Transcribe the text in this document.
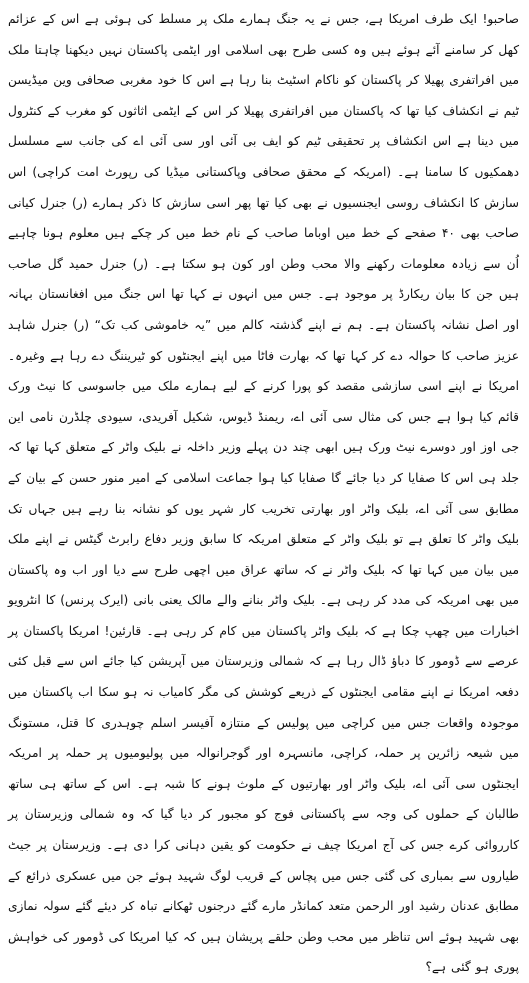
صاحبو! ایک طرف امریکا ہے، جس نے یہ جنگ ہمارے ملک پر مسلط کی ہوئی ہے اس کے عزائم کھل کر سامنے آئے ہوئے ہیں وہ کسی طرح بھی اسلامی اور ایٹمی پاکستان نہیں دیکھنا چاہتا ملک میں افراتفری پھیلا کر پاکستان کو ناکام اسٹیٹ بنا رہا ہے اس کا خود مغربی صحافی وین میڈیسن ٹیم نے انکشاف کیا تھا کہ پاکستان میں افراتفری پھیلا کر اس کے ایٹمی اثاثوں کو مغرب کے کنٹرول میں دینا ہے اس انکشاف پر تحقیقی ٹیم کو ایف بی آئی اور سی آئی اے کی جانب سے مسلسل دھمکیوں کا سامنا ہے۔ (امریکہ کے محقق صحافی وپاکستانی میڈیا کی رپورٹ امت کراچی) اس سازش کا انکشاف روسی ایجنسیوں نے بھی کیا تھا پھر اسی سازش کا ذکر ہمارے (ر) جنرل کیانی صاحب بھی ۴۰ صفحے کے خط میں اوباما صاحب کے نام خط میں کر چکے ہیں معلوم ہونا چاہیے اُن سے زیادہ معلومات رکھنے والا محب وطن اور کون ہو سکتا ہے۔ (ر) جنرل حمید گل صاحب ہیں جن کا بیان ریکارڈ پر موجود ہے۔ جس میں انہوں نے کہا تھا اس جنگ میں افغانستان بہانہ اور اصل نشانہ پاکستان ہے۔ ہم نے اپنے گذشتہ کالم میں ”یہ خاموشی کب تک“ (ر) جنرل شاہد عزیز صاحب کا حوالہ دے کر کہا تھا کہ بھارت فاٹا میں اپنے ایجنٹوں کو ٹیریننگ دے رہا ہے وغیرہ۔ امریکا نے اپنے اسی سازشی مقصد کو پورا کرنے کے لیے ہمارے ملک میں جاسوسی کا نیٹ ورک قائم کیا ہوا ہے جس کی مثال سی آئی اے، ریمنڈ ڈیوس، شکیل آفریدی، سیودی چلڈرن نامی این جی اوز اور دوسرے نیٹ ورک ہیں ابھی چند دن پہلے وزیر داخلہ نے بلیک واٹر کے متعلق کہا تھا کہ جلد ہی اس کا صفایا کر دیا جائے گا صفایا کیا ہوا جماعت اسلامی کے امیر منور حسن کے بیان کے مطابق سی آئی اے، بلیک واٹر اور بھارتی تخریب کار شہر یوں کو نشانہ بنا رہے ہیں جہاں تک بلیک واٹر کا تعلق ہے تو بلیک واٹر کے متعلق امریکہ کا سابق وزیر دفاع رابرٹ گیٹس نے اپنے ملک میں بیان میں کہا تھا کہ بلیک واٹر نے کہ ساتھ عراق میں اچھی طرح سے دیا اور اب وہ پاکستان میں بھی امریکہ کی مدد کر رہی ہے۔ بلیک واٹر بنانے والے مالک یعنی بانی (ایرک پرنس) کا انٹرویو اخبارات میں چھپ چکا ہے کہ بلیک واٹر پاکستان میں کام کر رہی ہے۔ قارئین! امریکا پاکستان پر عرصے سے ڈومور کا دباؤ ڈال رہا ہے کہ شمالی وزیرستان میں آپریشن کیا جائے اس سے قبل کئی دفعہ امریکا نے اپنے مقامی ایجنٹوں کے ذریعے کوشش کی مگر کامیاب نہ ہو سکا اب پاکستان میں موجودہ واقعات جس میں کراچی میں پولیس کے منتازہ آفیسر اسلم چوہدری کا قتل، مستونگ میں شیعہ زائرین پر حملہ، کراچی، مانسہرہ اور گوجرانوالہ میں پولیومیوں پر حملہ پر امریکہ ایجنٹوں سی آئی اے، بلیک واٹر اور بھارتیوں کے ملوث ہونے کا شبہ ہے۔ اس کے ساتھ ہی ساتھ طالبان کے حملوں کی وجہ سے پاکستانی فوج کو مجبور کر دیا گیا کہ وہ شمالی وزیرستان پر کارروائی کرے جس کی آج امریکا چیف نے حکومت کو یقین دہانی کرا دی ہے۔ وزیرستان پر جیٹ طیاروں سے بمباری کی گئی جس میں پچاس کے قریب لوگ شہید ہوئے جن میں عسکری ذرائع کے مطابق عدنان رشید اور الرحمن متعد کمانڈر مارے گئے درجنوں ٹھکانے تباہ کر دیئے گئے سولہ نمازی بھی شہید ہوئے اس تناظر میں محب وطن حلقے پریشان ہیں کہ کیا امریکا کی ڈومور کی خواہش پوری ہو گئی ہے؟
